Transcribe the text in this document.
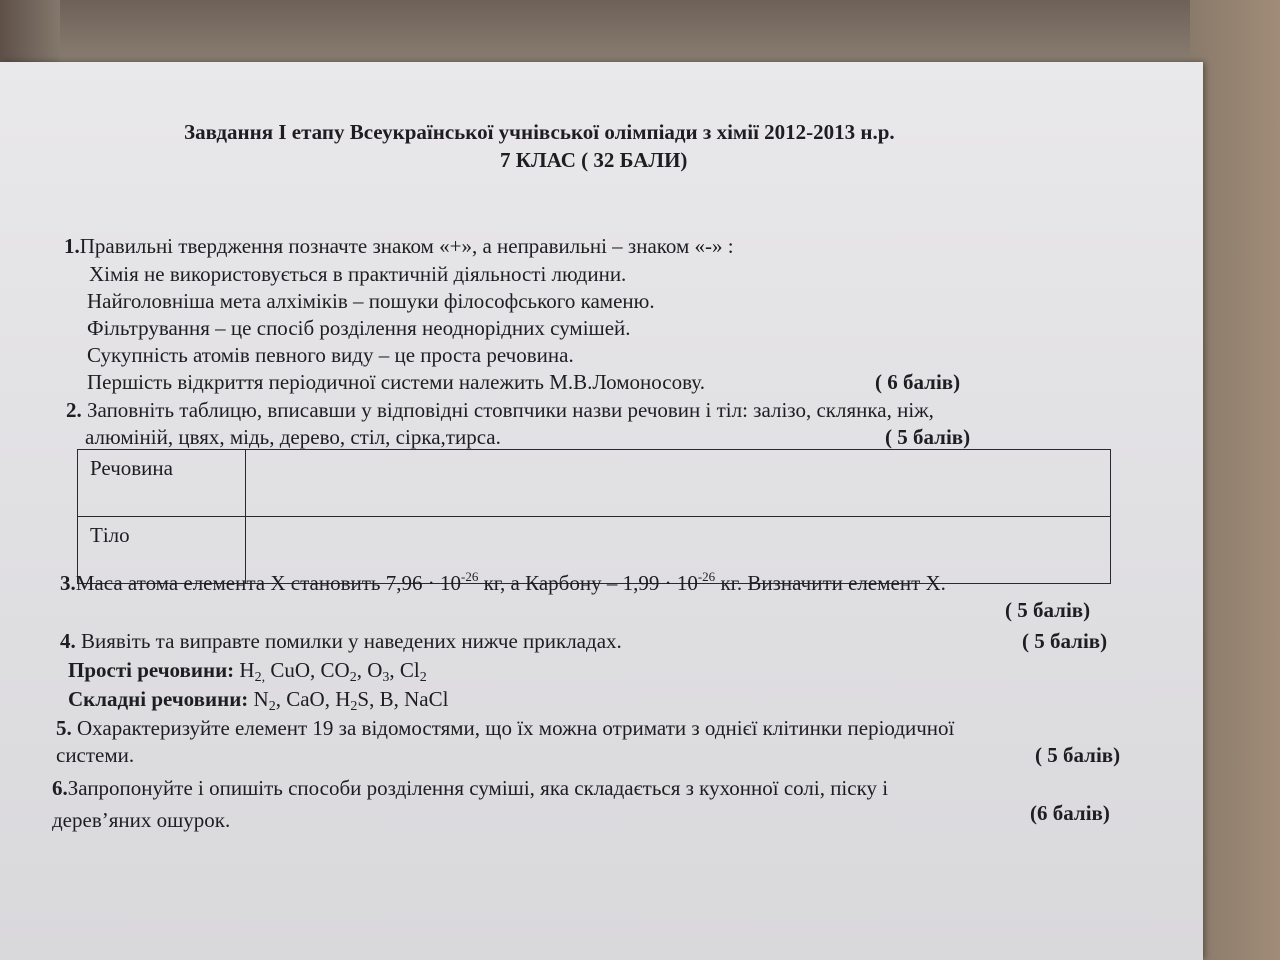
Завдання I етапу Всеукраїнської учнівської олімпіади з хімії 2012-2013 н.р.
7 КЛАС ( 32 БАЛИ)
1.Правильні твердження позначте знаком «+», а неправильні – знаком «-» :
Хімія не використовується в практичній діяльності людини.
Найголовніша мета алхіміків – пошуки філософського каменю.
Фільтрування – це спосіб розділення неоднорідних сумішей.
Сукупність атомів певного виду – це проста речовина.
Першість відкриття періодичної системи належить М.В.Ломоносову.	( 6 балів)
2. Заповніть таблицю, вписавши у відповідні стовпчики назви речовин і тіл: залізо, склянка, ніж,
алюміній, цвях, мідь, дерево, стіл, сірка,тирса.	( 5 балів)
Речовина	
Тіло	
3.Маса атома елемента Х становить $7,96 \cdot 10^{-26}$ кг, а Карбону – $1,99 \cdot 10^{-26}$ кг. Визначити елемент Х.
( 5 балів)
4. Виявіть та виправте помилки у наведених нижче прикладах.	( 5 балів)
Прості речовини: $H_{2,}$ CuO, $CO_2$, $O_3$, $Cl_2$
Складні речовини: $N_2$, CaO, $H_2S$, B, NaCl
5. Охарактеризуйте елемент 19 за відомостями, що їх можна отримати з однієї клітинки періодичної
системи.	( 5 балів)
6.Запропонуйте і опишіть способи розділення суміші, яка складається з кухонної солі, піску і
(6 балів)
дерев’яних ошурок.
